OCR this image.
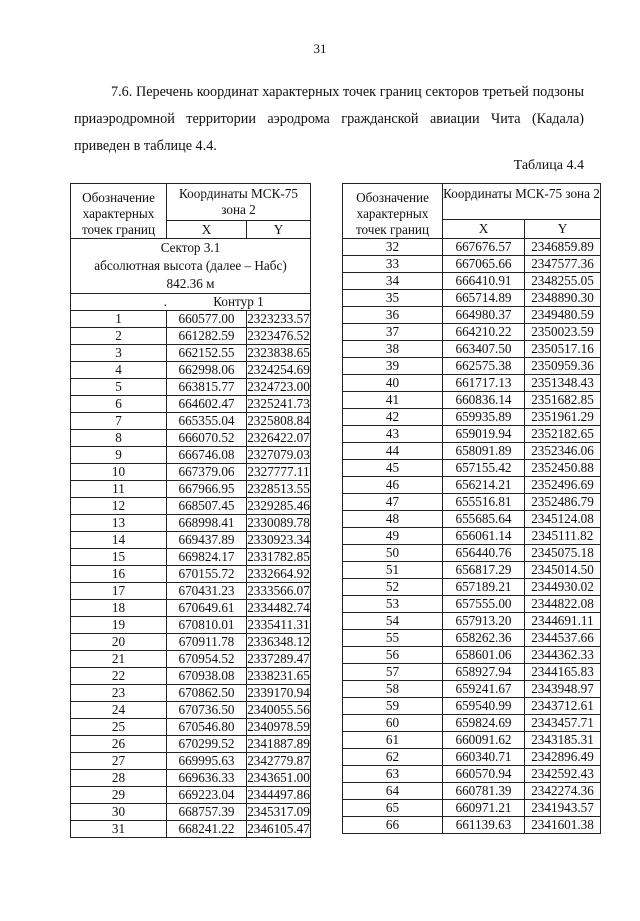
31

7.6. Перечень координат характерных точек границ секторов третьей подзоны приаэродромной территории аэродрома гражданской авиации Чита (Кадала) приведен в таблице 4.4.

Таблица 4.4
Обозначение характерных точек границ	Координаты МСК-75 зона 2	
	X	Y

Сектор 3.1
абсолютная высота (далее – Набс)
842.36 м		

. Контур 1		
1	660577.00	2323233.57
2	661282.59	2323476.52
3	662152.55	2323838.65
4	662998.06	2324254.69
5	663815.77	2324723.00
6	664602.47	2325241.73
7	665355.04	2325808.84
8	666070.52	2326422.07
9	666746.08	2327079.03
10	667379.06	2327777.11
11	667966.95	2328513.55
12	668507.45	2329285.46
13	668998.41	2330089.78
14	669437.89	2330923.34
15	669824.17	2331782.85
16	670155.72	2332664.92
17	670431.23	2333566.07
18	670649.61	2334482.74
19	670810.01	2335411.31
20	670911.78	2336348.12
21	670954.52	2337289.47
22	670938.08	2338231.65
23	670862.50	2339170.94
24	670736.50	2340055.56
25	670546.80	2340978.59
26	670299.52	2341887.89
27	669995.63	2342779.87
28	669636.33	2343651.00
29	669223.04	2344497.86
30	668757.39	2345317.09
31	668241.22	2346105.47
Обозначение характерных точек границ	Координаты МСК-75 зона 2	
	X	Y
32	667676.57	2346859.89
33	667065.66	2347577.36
34	666410.91	2348255.05
35	665714.89	2348890.30
36	664980.37	2349480.59
37	664210.22	2350023.59
38	663407.50	2350517.16
39	662575.38	2350959.36
40	661717.13	2351348.43
41	660836.14	2351682.85
42	659935.89	2351961.29
43	659019.94	2352182.65
44	658091.89	2352346.06
45	657155.42	2352450.88
46	656214.21	2352496.69
47	655516.81	2352486.79
48	655685.64	2345124.08
49	656061.14	2345111.82
50	656440.76	2345075.18
51	656817.29	2345014.50
52	657189.21	2344930.02
53	657555.00	2344822.08
54	657913.20	2344691.11
55	658262.36	2344537.66
56	658601.06	2344362.33
57	658927.94	2344165.83
58	659241.67	2343948.97
59	659540.99	2343712.61
60	659824.69	2343457.71
61	660091.62	2343185.31
62	660340.71	2342896.49
63	660570.94	2342592.43
64	660781.39	2342274.36
65	660971.21	2341943.57
66	661139.63	2341601.38
